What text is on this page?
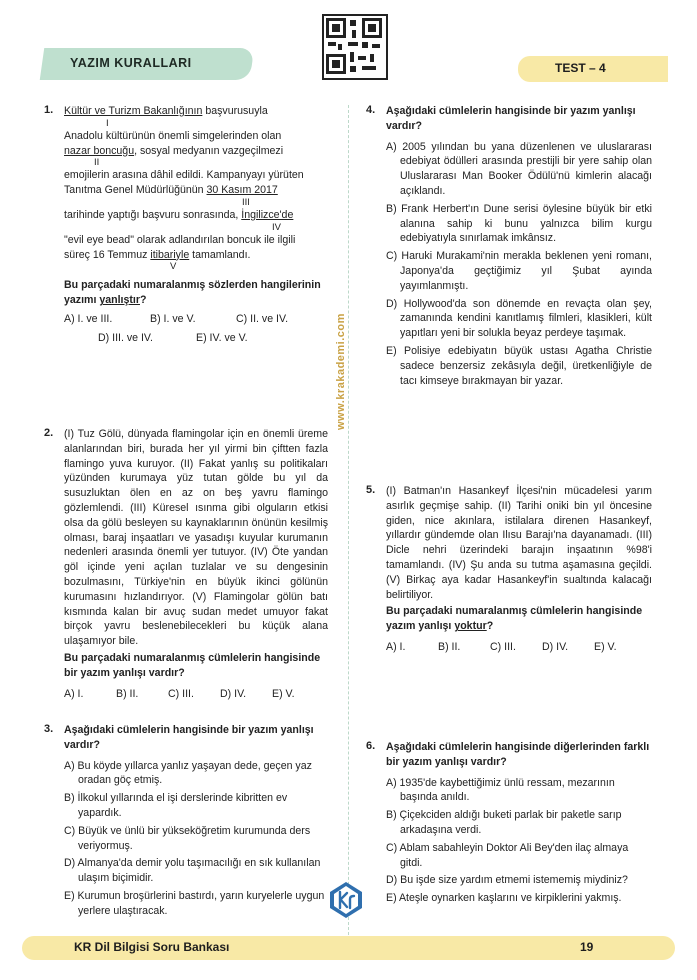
YAZIM KURALLARI	TEST – 4
www.krakademi.com
1. Kültür ve Turizm Bakanlığının başvurusuyla
I
Anadolu kültürünün önemli simgelerinden olan
nazar boncuğu, sosyal medyanın vazgeçilmezi
II
emojilerin arasına dâhil edildi. Kampanyayı yürüten
Tanıtma Genel Müdürlüğünün 30 Kasım 2017
III
tarihinde yaptığı başvuru sonrasında, İngilizce'de
IV
"evil eye bead" olarak adlandırılan boncuk ile ilgili
süreç 16 Temmuz itibariyle tamamlandı.
V
Bu parçadaki numaralanmış sözlerden hangilerinin
yazımı yanlıştır?
A) I. ve III.	B) I. ve V.	C) II. ve IV.
D) III. ve IV.	E) IV. ve V.
2. (I) Tuz Gölü, dünyada flamingolar için en önemli üreme alanlarından biri, burada her yıl yirmi bin çiftten fazla flamingo yuva kuruyor. (II) Fakat yanlış su politikaları yüzünden kurumaya yüz tutan gölde bu yıl da susuzluktan ölen en az on beş yavru flamingo gözlemlendi. (III) Küresel ısınma gibi olguların etkisi olsa da gölü besleyen su kaynaklarının önünün kesilmiş olması, baraj inşaatları ve yasadışı kuyular kurumanın nedenleri arasında önemli yer tutuyor. (IV) Öte yandan göl içinde yeni açılan tuzlalar ve su dengesinin bozulmasını, Türkiye'nin en büyük ikinci gölünün kurumasını hızlandırıyor. (V) Flamingolar gölün batı kısmında kalan bir avuç sudan medet umuyor fakat birçok yavru beslenebilecekleri bu küçük alana ulaşamıyor bile.

Bu parçadaki numaralanmış cümlelerin hangisinde bir yazım yanlışı vardır?

A) I.	B) II.	C) III. D) IV. E) V.
3. Aşağıdaki cümlelerin hangisinde bir yazım yanlışı vardır?

A) Bu köyde yıllarca yanlız yaşayan dede, geçen yaz oradan göç etmiş.
B) İlkokul yıllarında el işi derslerinde kibritten ev yapardık.
C) Büyük ve ünlü bir yükseköğretim kurumunda ders veriyormuş.
D) Almanya'da demir yolu taşımacılığı en sık kullanılan ulaşım biçimidir.
E) Kurumun broşürlerini bastırdı, yarın kuryelerle uygun yerlere ulaştıracak.
4. Aşağıdaki cümlelerin hangisinde bir yazım yanlışı vardır?

A) 2005 yılından bu yana düzenlenen ve uluslararası edebiyat ödülleri arasında prestijli bir yere sahip olan Uluslararası Man Booker Ödülü'nü kimlerin alacağı açıklandı.
B) Frank Herbert'ın Dune serisi öylesine büyük bir etki alanına sahip ki bunu yalnızca bilim kurgu edebiyatıyla sınırlamak imkânsız.
C) Haruki Murakami'nin merakla beklenen yeni romanı, Japonya'da geçtiğimiz yıl Şubat ayında yayımlanmıştı.
D) Hollywood'da son dönemde en revaçta olan şey, zamanında kendini kanıtlamış filmleri, klasikleri, kült yapıtları yeni bir solukla beyaz perdeye taşımak.
E) Polisiye edebiyatın büyük ustası Agatha Christie sadece benzersiz zekâsıyla değil, üretkenliğiyle de tacı kimseye bırakmayan bir yazar.
5. (I) Batman'ın Hasankeyf İlçesi'nin mücadelesi yarım asırlık geçmişe sahip. (II) Tarihi oniki bin yıl öncesine giden, nice akınlara, istilalara direnen Hasankeyf, yıllardır gündemde olan Ilısu Barajı'na dayanamadı. (III) Dicle nehri üzerindeki barajın inşaatının %98'i tamamlandı. (IV) Şu anda su tutma aşamasına geçildi. (V) Birkaç aya kadar Hasankeyf'in sualtında kalacağı belirtiliyor.

Bu parçadaki numaralanmış cümlelerin hangisinde yazım yanlışı yoktur?

A) I.	B) II.	C) III. D) IV. E) V.
6. Aşağıdaki cümlelerin hangisinde diğerlerinden farklı bir yazım yanlışı vardır?

A) 1935'de kaybettiğimiz ünlü ressam, mezarının başında anıldı.
B) Çiçekciden aldığı buketi parlak bir paketle sarıp arkadaşına verdi.
C) Ablam sabahleyin Doktor Ali Bey'den ilaç almaya gitdi.
D) Bu işde size yardım etmemi istememiş miydiniz?
E) Ateşle oynarken kaşlarını ve kirpiklerini yakmış.
KR Dil Bilgisi Soru Bankası	19
